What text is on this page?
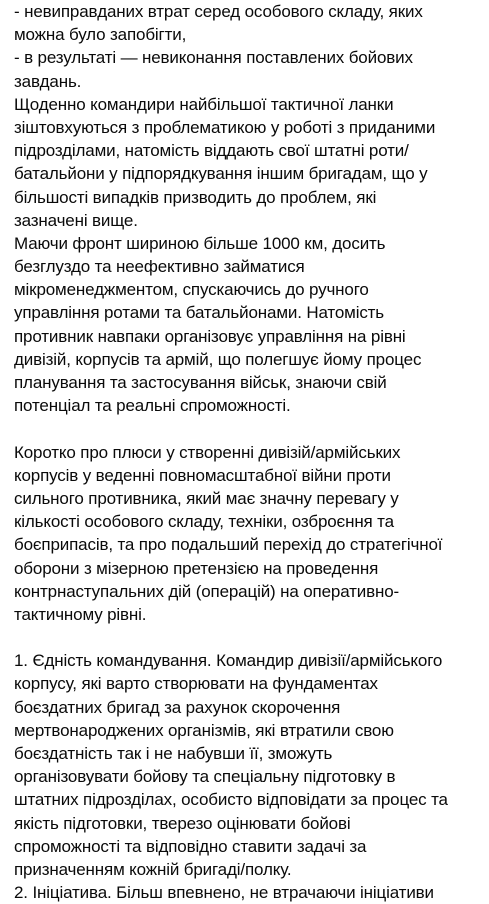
- невиправданих втрат серед особового складу, яких
можна було запобігти,
- в результаті — невиконання поставлених бойових
завдань.
Щоденно командири найбільшої тактичної ланки
зіштовхуються з проблематикою у роботі з приданими
підрозділами, натомість віддають свої штатні роти/
батальйони у підпорядкування іншим бригадам, що у
більшості випадків призводить до проблем, які
зазначені вище.
Маючи фронт шириною більше 1000 км, досить
безглуздо та неефективно займатися
мікроменеджментом, спускаючись до ручного
управління ротами та батальйонами. Натомість
противник навпаки організовує управління на рівні
дивізій, корпусів та армій, що полегшує йому процес
планування та застосування військ, знаючи свій
потенціал та реальні спроможності.
Коротко про плюси у створенні дивізій/армійських
корпусів у веденні повномасштабної війни проти
сильного противника, який має значну перевагу у
кількості особового складу, техніки, озброєння та
боєприпасів, та про подальший перехід до стратегічної
оборони з мізерною претензією на проведення
контрнаступальних дій (операцій) на оперативно-
тактичному рівні.
1. Єдність командування. Командир дивізії/армійського
корпусу, які варто створювати на фундаментах
боєздатних бригад за рахунок скорочення
мертвонароджених організмів, які втратили свою
боєздатність так і не набувши її, зможуть
організовувати бойову та спеціальну підготовку в
штатних підрозділах, особисто відповідати за процес та
якість підготовки, тверезо оцінювати бойові
спроможності та відповідно ставити задачі за
призначенням кожній бригаді/полку.
2. Ініціатива. Більш впевнено, не втрачаючи ініціативи
